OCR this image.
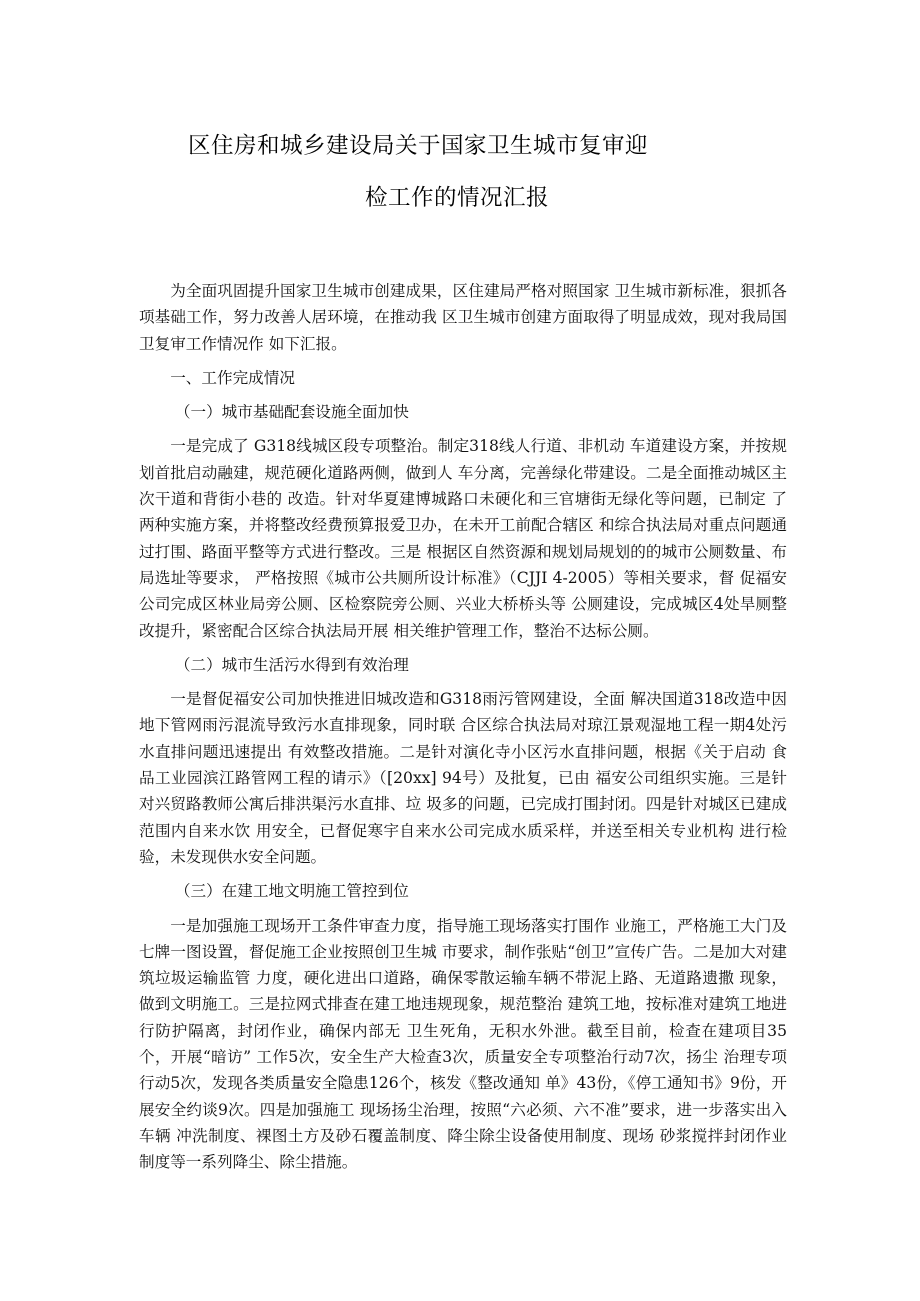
区住房和城乡建设局关于国家卫生城市复审迎
检工作的情况汇报

为全面巩固提升国家卫生城市创建成果，区住建局严格对照国家 卫生城市新标准，狠抓各项基础工作，努力改善人居环境，在推动我 区卫生城市创建方面取得了明显成效，现对我局国卫复审工作情况作 如下汇报。

一、工作完成情况

（一）城市基础配套设施全面加快

一是完成了 G318线城区段专项整治。制定318线人行道、非机动 车道建设方案，并按规划首批启动融建，规范硬化道路两侧，做到人 车分离，完善绿化带建设。二是全面推动城区主次干道和背街小巷的 改造。针对华夏建博城路口未硬化和三官塘街无绿化等问题，已制定 了两种实施方案，并将整改经费预算报爱卫办，在未开工前配合辖区 和综合执法局对重点问题通过打围、路面平整等方式进行整改。三是 根据区自然资源和规划局规划的的城市公厕数量、布局选址等要求， 严格按照《城市公共厕所设计标准》（CJJI 4-2005）等相关要求，督 促福安公司完成区林业局旁公厕、区检察院旁公厕、兴业大桥桥头等 公厕建设，完成城区4处旱厕整改提升，紧密配合区综合执法局开展 相关维护管理工作，整治不达标公厕。

（二）城市生活污水得到有效治理

一是督促福安公司加快推进旧城改造和G318雨污管网建设，全面 解决国道318改造中因地下管网雨污混流导致污水直排现象，同时联 合区综合执法局对琼江景观湿地工程一期4处污水直排问题迅速提出 有效整改措施。二是针对演化寺小区污水直排问题，根据《关于启动 食品工业园滨江路管网工程的请示》（[20xx] 94号）及批复，已由 福安公司组织实施。三是针对兴贸路教师公寓后排洪渠污水直排、垃 圾多的问题，已完成打围封闭。四是针对城区已建成范围内自来水饮 用安全，已督促寒宇自来水公司完成水质采样，并送至相关专业机构 进行检验，未发现供水安全问题。

（三）在建工地文明施工管控到位

一是加强施工现场开工条件审查力度，指导施工现场落实打围作 业施工，严格施工大门及七牌一图设置，督促施工企业按照创卫生城 市要求，制作张贴“创卫”宣传广告。二是加大对建筑垃圾运输监管 力度，硬化进出口道路，确保零散运输车辆不带泥上路、无道路遗撒 现象，做到文明施工。三是拉网式排查在建工地违规现象，规范整治 建筑工地，按标准对建筑工地进行防护隔离，封闭作业，确保内部无 卫生死角，无积水外泄。截至目前，检查在建项目35个，开展“暗访” 工作5次，安全生产大检查3次，质量安全专项整治行动7次，扬尘 治理专项行动5次，发现各类质量安全隐患126个，核发《整改通知 单》43份，《停工通知书》9份，开展安全约谈9次。四是加强施工 现场扬尘治理，按照“六必须、六不准”要求，进一步落实出入车辆 冲洗制度、裸图土方及砂石覆盖制度、降尘除尘设备使用制度、现场 砂浆搅拌封闭作业制度等一系列降尘、除尘措施。
